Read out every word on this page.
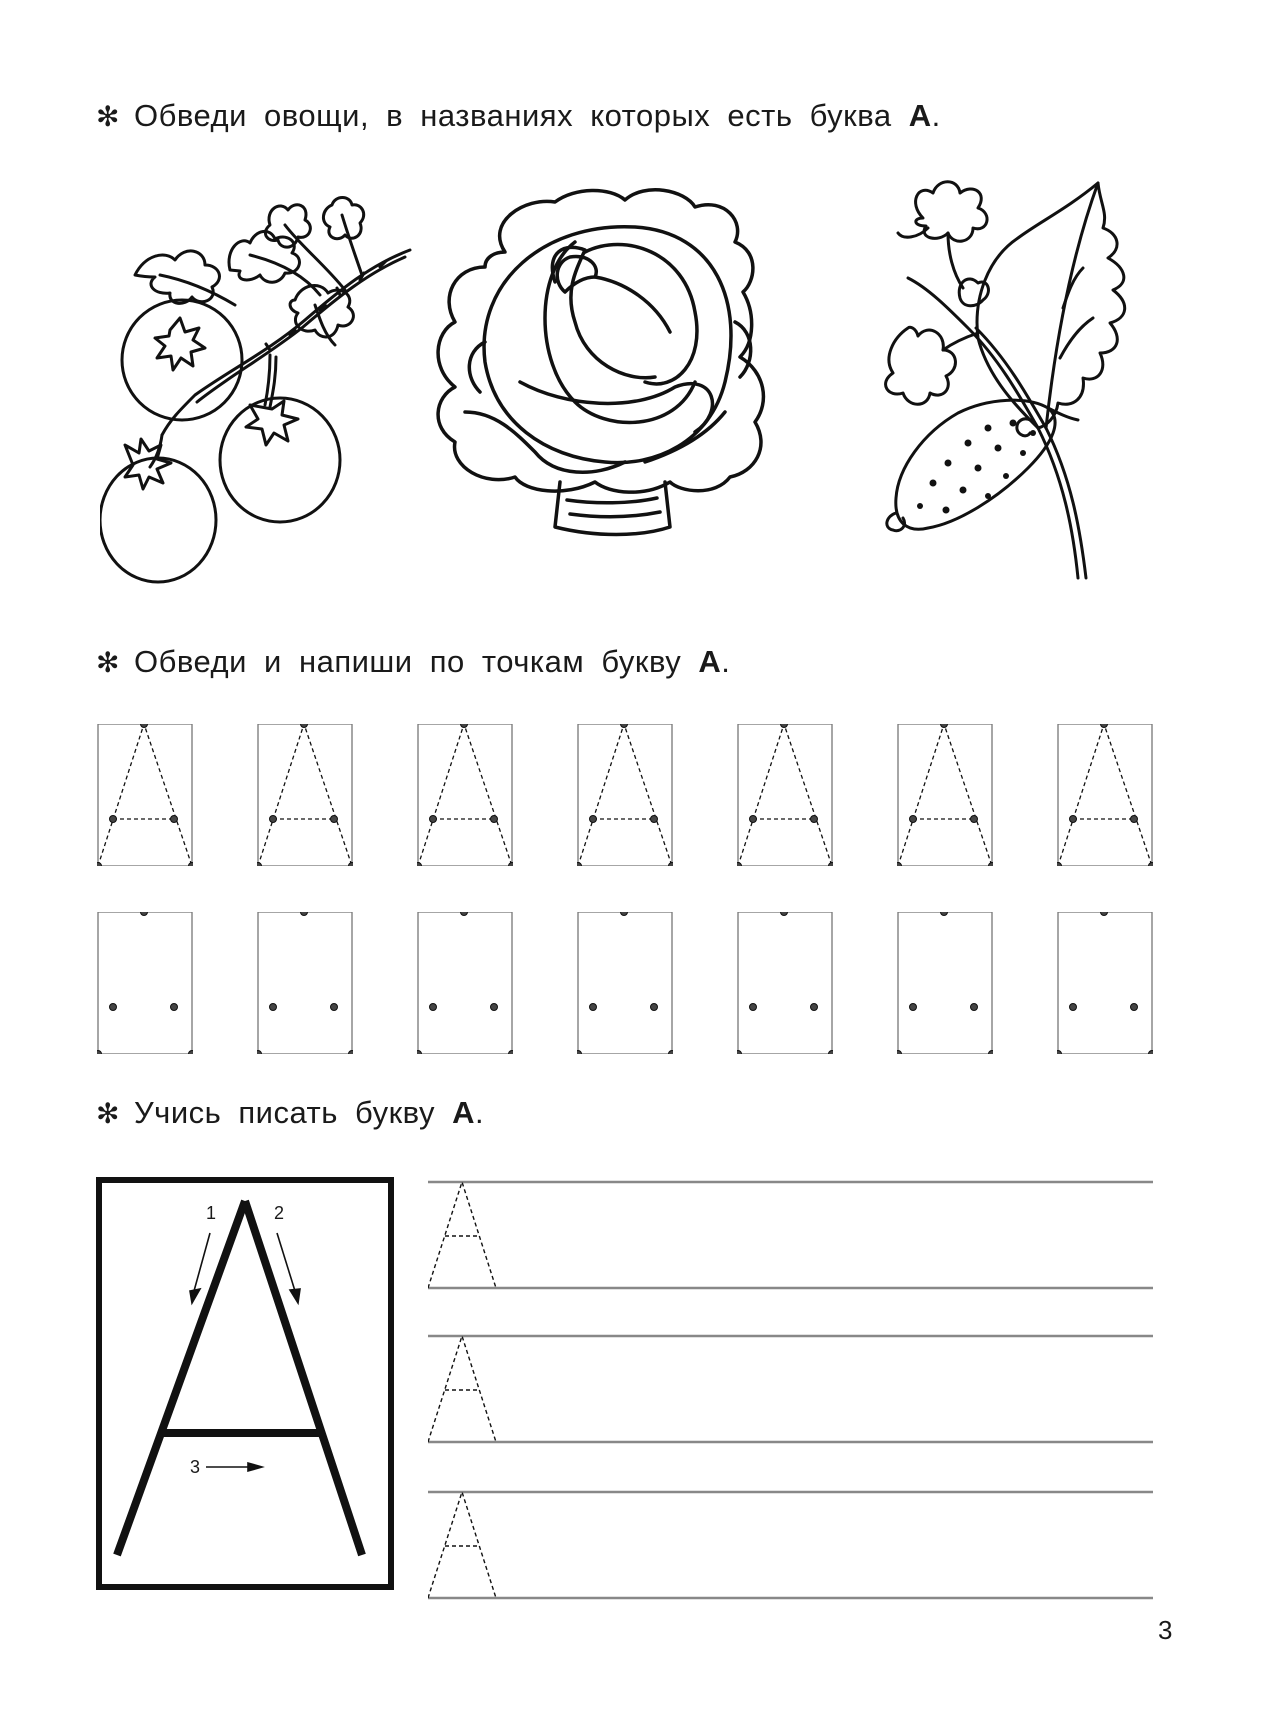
✻ Обведи овощи, в названиях которых есть буква А.
✻ Обведи и напиши по точкам букву А.
✻ Учись писать букву А.
1	2
3
3
